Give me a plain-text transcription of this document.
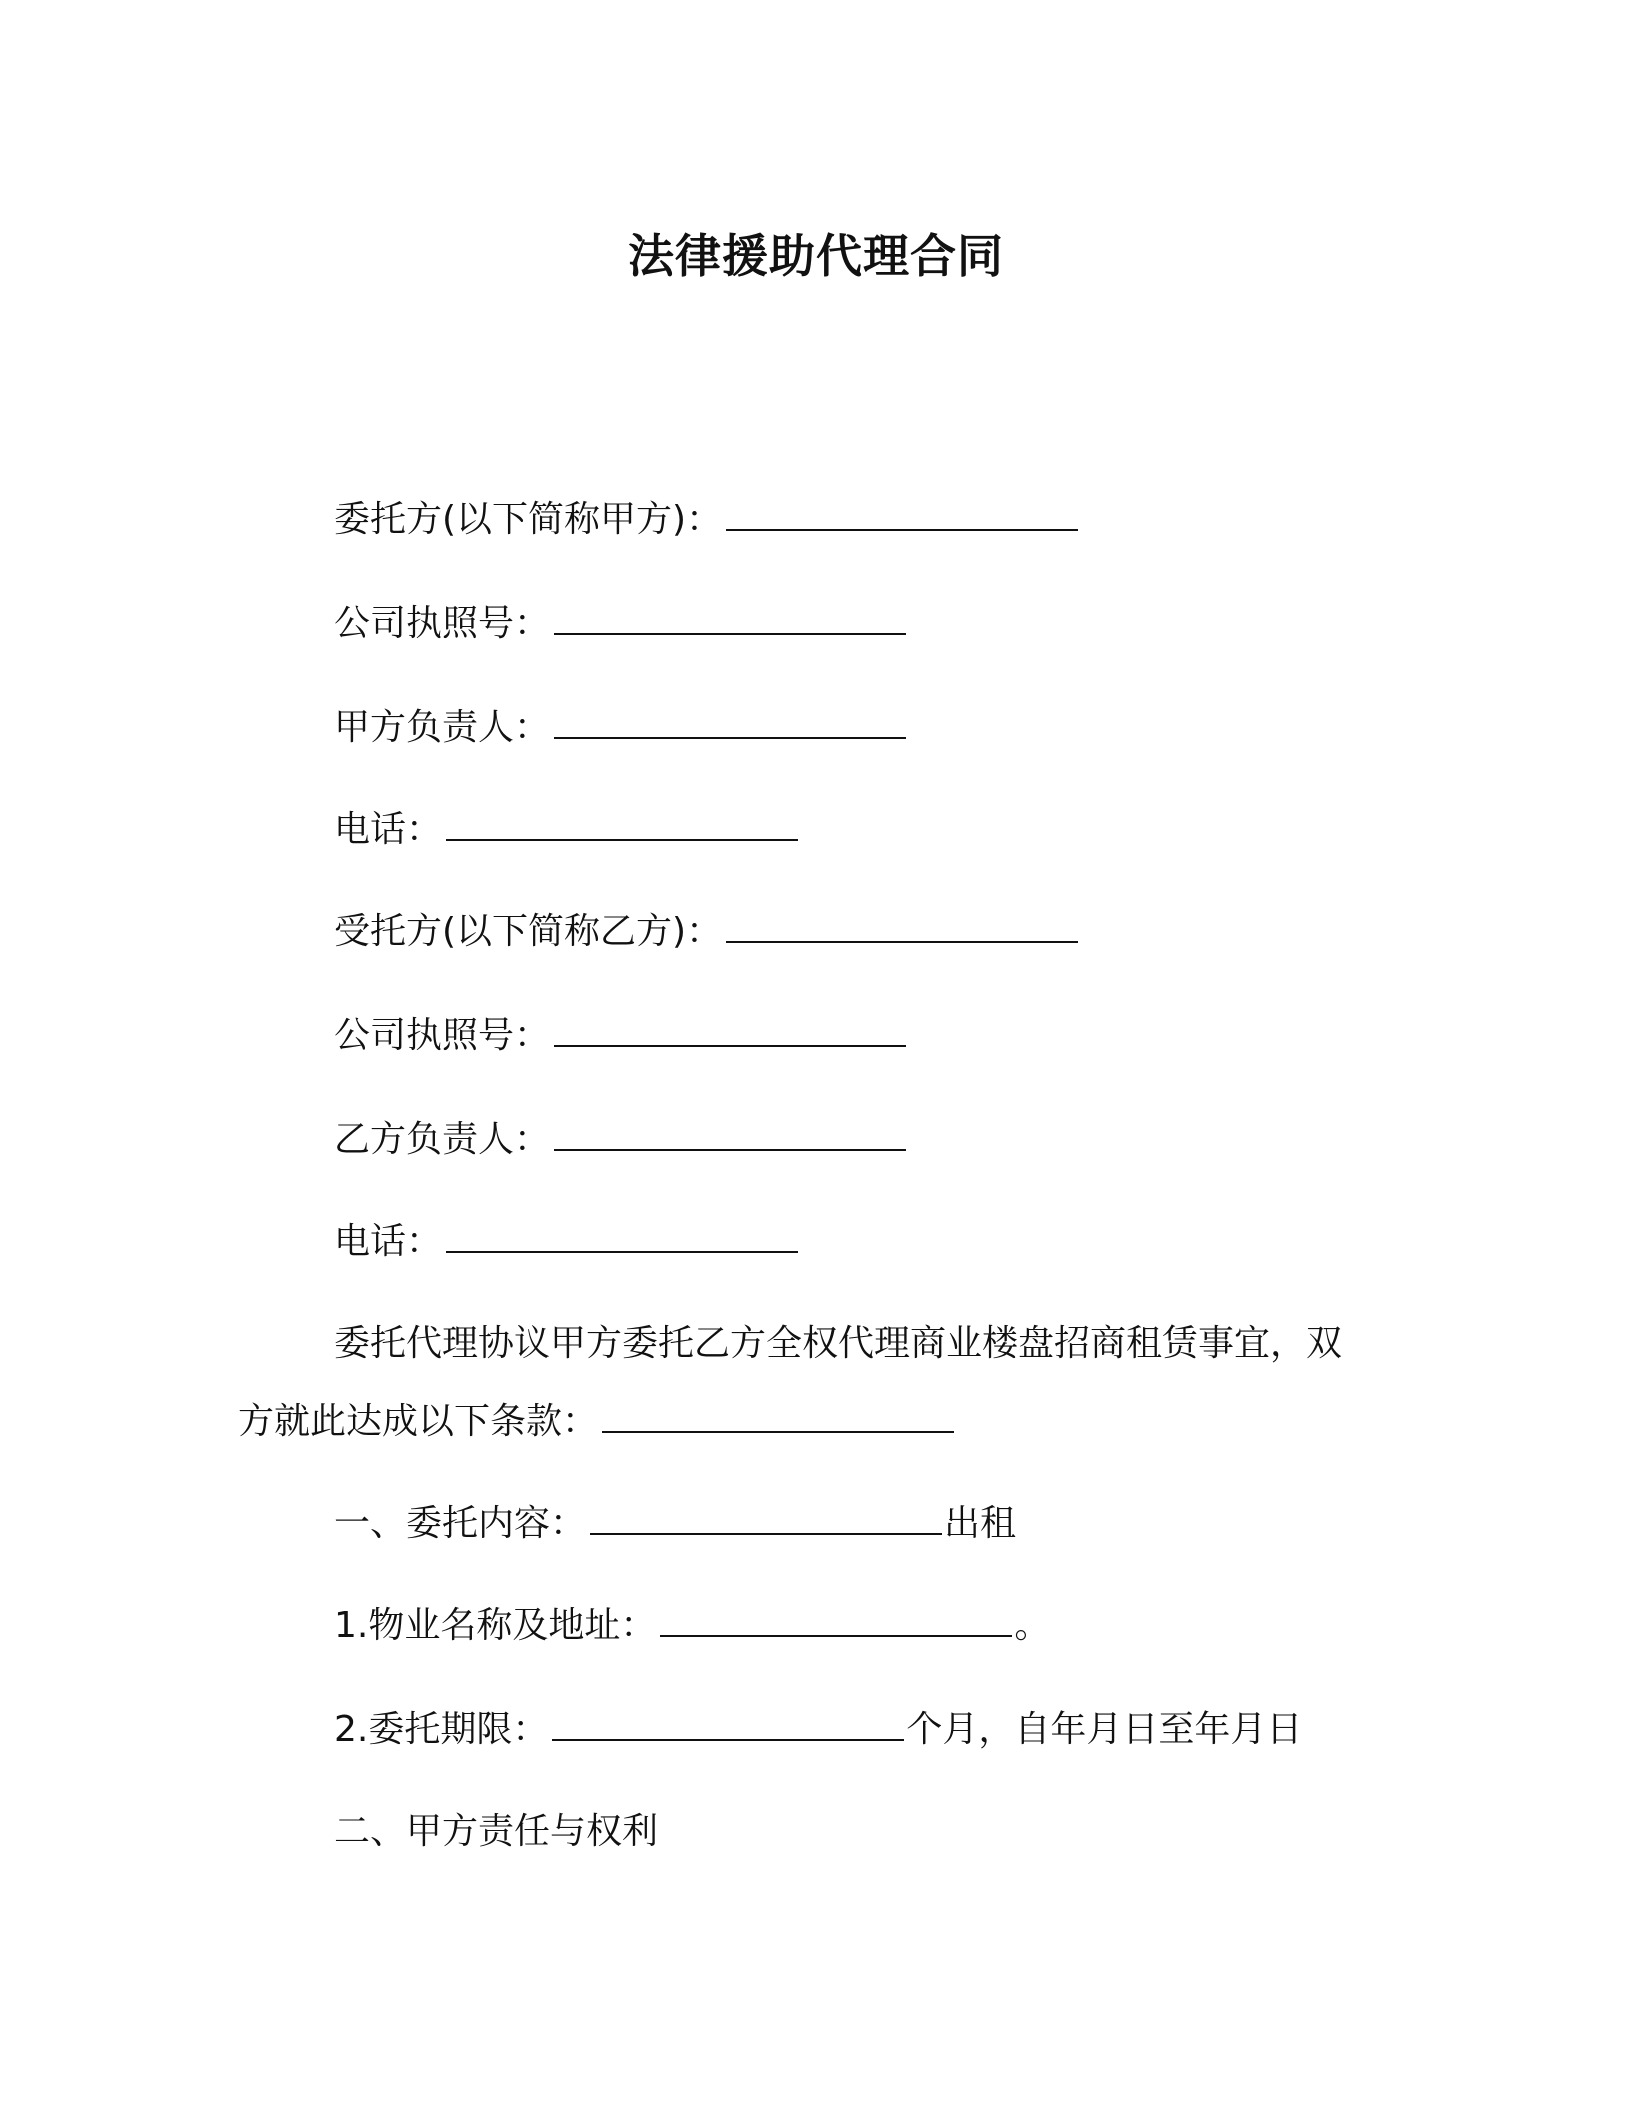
法律援助代理合同
委托方(以下简称甲方)：
公司执照号：
甲方负责人：
电话：
受托方(以下简称乙方)：
公司执照号：
乙方负责人：
电话：
委托代理协议甲方委托乙方全权代理商业楼盘招商租赁事宜，双
方就此达成以下条款：
一、委托内容：	出租
1.物业名称及地址：	。
2.委托期限：	个月，自年月日至年月日
二、甲方责任与权利
